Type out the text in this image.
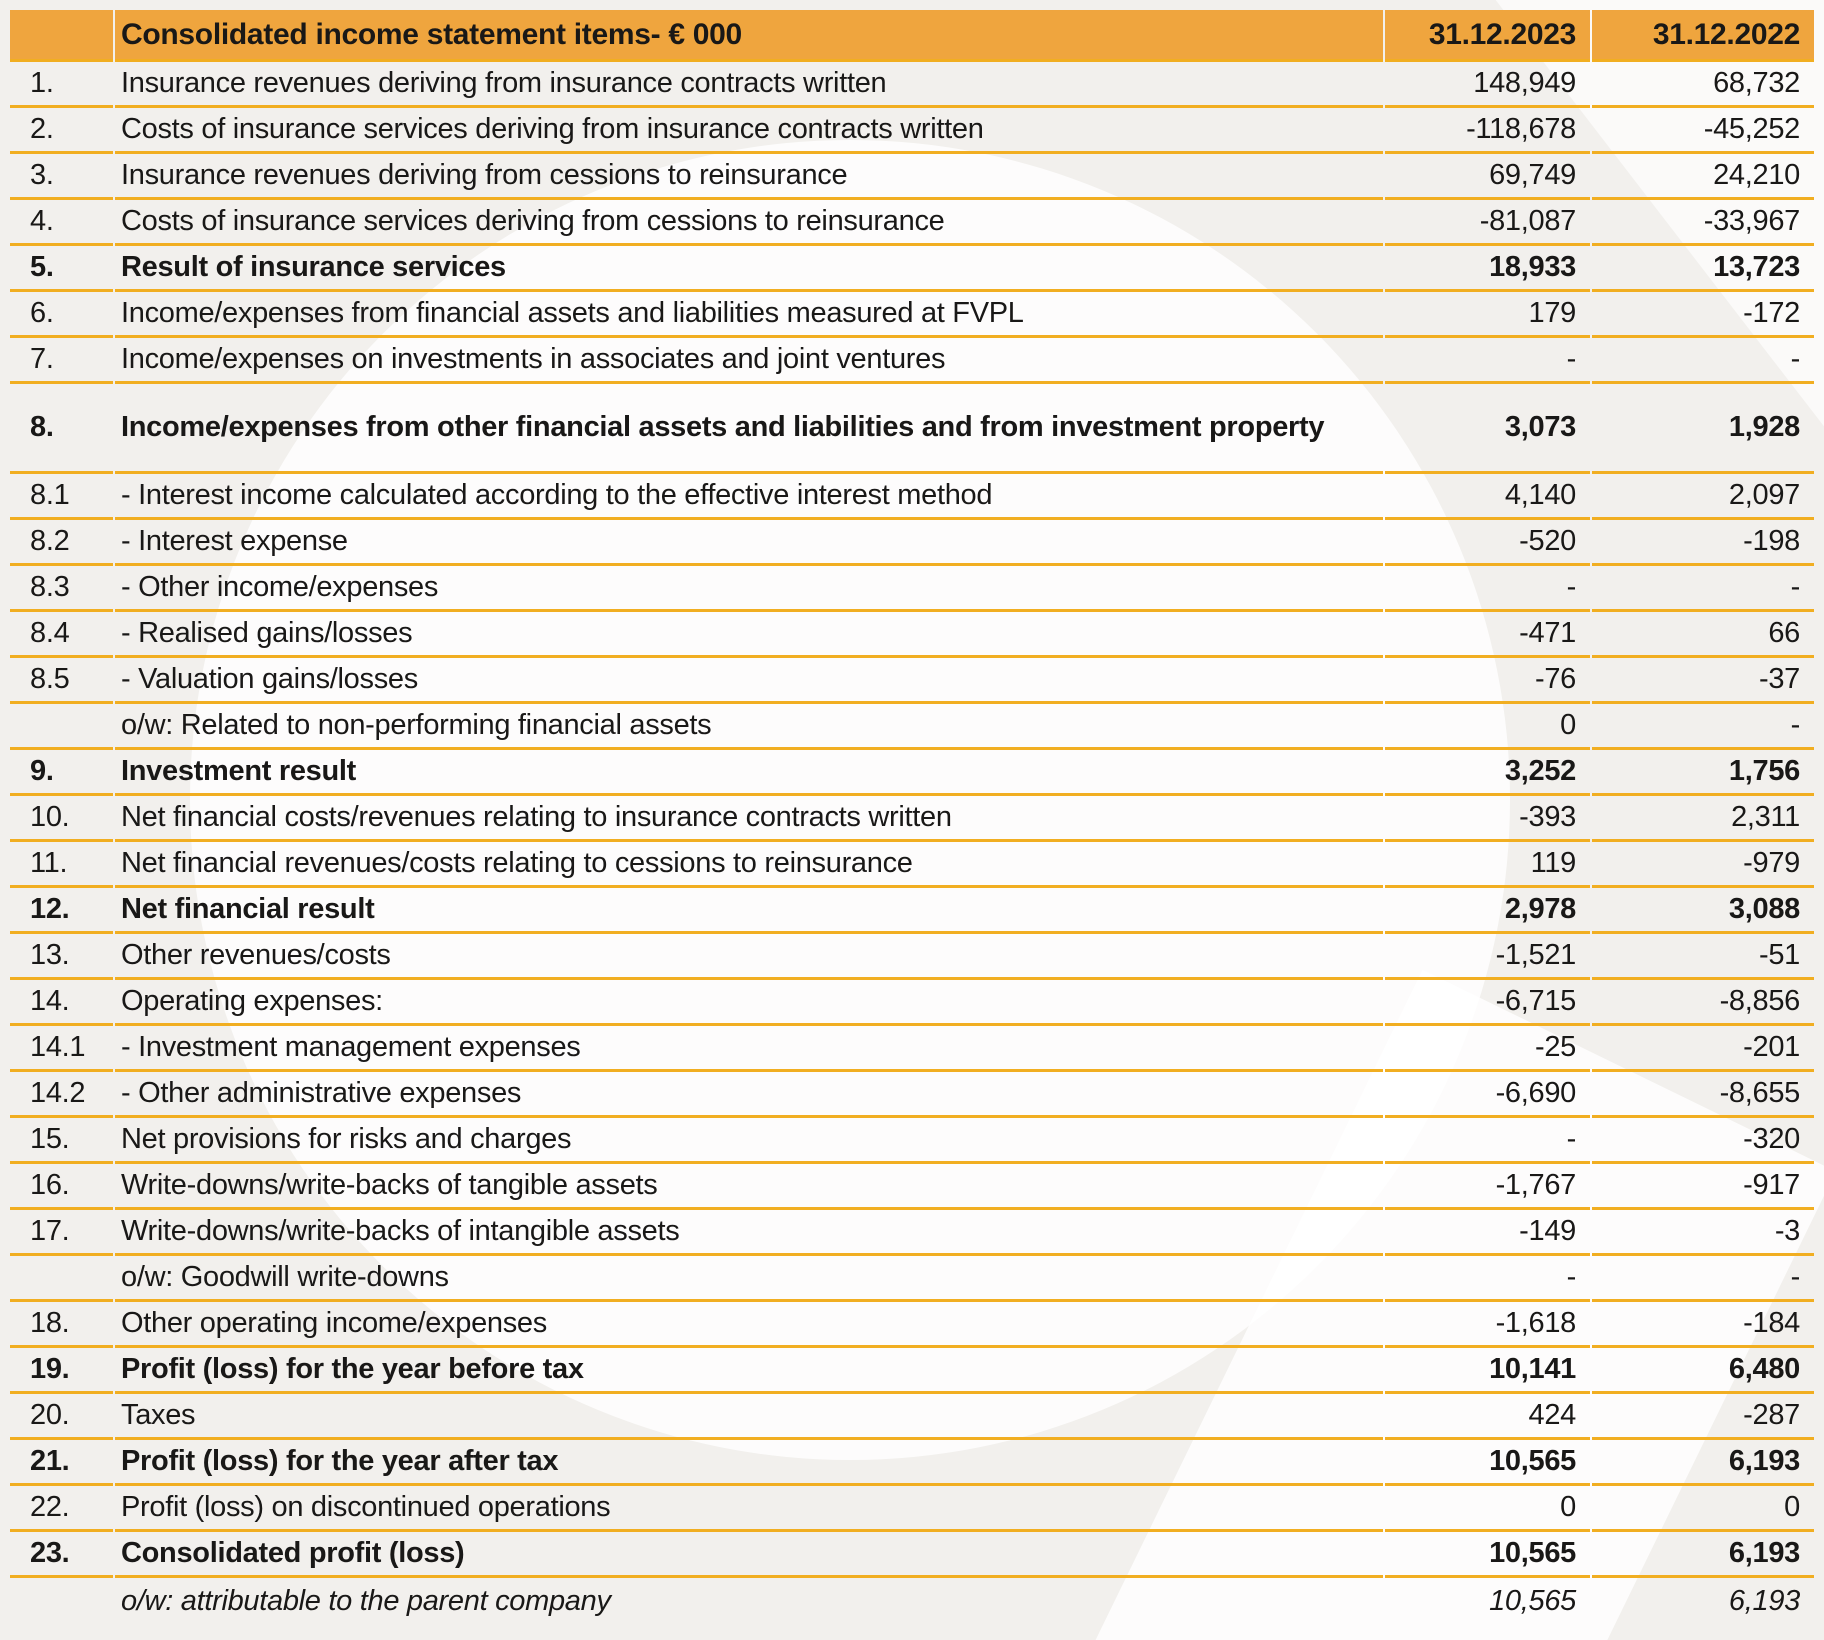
	Consolidated income statement items- € 000	31.12.2023	31.12.2022
1.	Insurance revenues deriving from insurance contracts written	148,949	68,732
2.	Costs of insurance services deriving from insurance contracts written	-118,678	-45,252
3.	Insurance revenues deriving from cessions to reinsurance	69,749	24,210
4.	Costs of insurance services deriving from cessions to reinsurance	-81,087	-33,967
5.	Result of insurance services	18,933	13,723
6.	Income/expenses from financial assets and liabilities measured at FVPL	179	-172
7.	Income/expenses on investments in associates and joint ventures	-	-
8.	Income/expenses from other financial assets and liabilities and from investment property	3,073	1,928
8.1	- Interest income calculated according to the effective interest method	4,140	2,097
8.2	- Interest expense	-520	-198
8.3	- Other income/expenses	-	-
8.4	- Realised gains/losses	-471	66
8.5	- Valuation gains/losses	-76	-37
	o/w: Related to non-performing financial assets	0	-
9.	Investment result	3,252	1,756
10.	Net financial costs/revenues relating to insurance contracts written	-393	2,311
11.	Net financial revenues/costs relating to cessions to reinsurance	119	-979
12.	Net financial result	2,978	3,088
13.	Other revenues/costs	-1,521	-51
14.	Operating expenses:	-6,715	-8,856
14.1	- Investment management expenses	-25	-201
14.2	- Other administrative expenses	-6,690	-8,655
15.	Net provisions for risks and charges	-	-320
16.	Write-downs/write-backs of tangible assets	-1,767	-917
17.	Write-downs/write-backs of intangible assets	-149	-3
	o/w: Goodwill write-downs	-	-
18.	Other operating income/expenses	-1,618	-184
19.	Profit (loss) for the year before tax	10,141	6,480
20.	Taxes	424	-287
21.	Profit (loss) for the year after tax	10,565	6,193
22.	Profit (loss) on discontinued operations	0	0
23.	Consolidated profit (loss)	10,565	6,193
	o/w: attributable to the parent company	10,565	6,193
